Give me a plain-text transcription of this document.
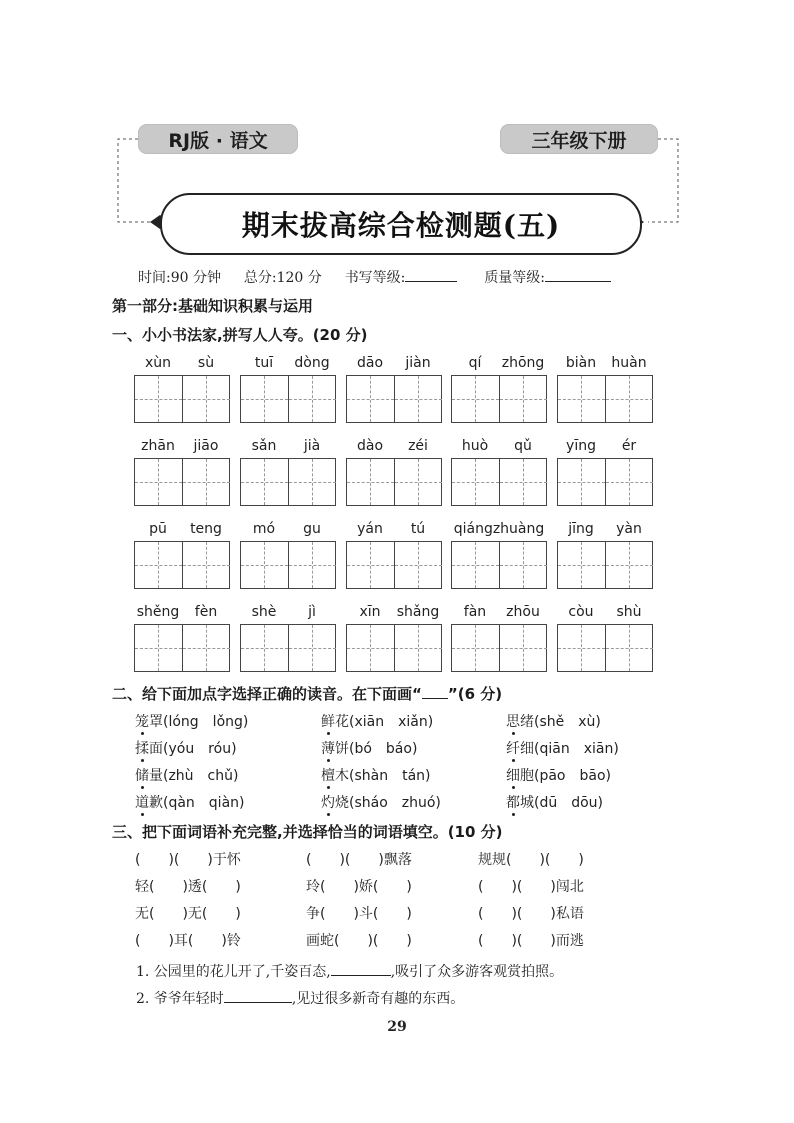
RJ版 · 语文	三年级下册
期末拔高综合检测题(五)
时间:90 分钟 总分:120 分 书写等级:	质量等级:
第一部分:基础知识积累与运用
一、小小书法家,拼写人人夸。(20 分)
xùn	sù	tuī	dòng	dāo	jiàn	qí	zhōng	biàn	huàn
zhān	jiāo	sǎn	jià	dào	zéi	huò	qǔ	yīng	ér
pū	teng	mó	gu	yán	tú	qiángzhuàng	jīng	yàn
shěng	fèn	shè	jì	xīn	shǎng	fàn	zhōu	còu	shù
二、给下面加点字选择正确的读音。在下面画“ ”(6 分)
笼罩(lóng　lǒng)	鲜花(xiān　xiǎn)	思绪(shě　xù)
揉面(yóu　róu)	薄饼(bó　báo)	纤细(qiān　xiān)
储量(zhù　chǔ)	檀木(shàn　tán)	细胞(pāo　bāo)
道歉(qàn　qiàn)	灼烧(sháo　zhuó)	都城(dū　dōu)
三、把下面词语补充完整,并选择恰当的词语填空。(10 分)
(　　)(　　)于怀	(　　)(　　)飘落	规规(　　)(　　)
轻(　　)透(　　)	玲(　　)娇(　　)	(　　)(　　)闯北
无(　　)无(　　)	争(　　)斗(　　)	(　　)(　　)私语
(　　)耳(　　)铃	画蛇(　　)(　　)	(　　)(　　)而逃
1. 公园里的花儿开了,千姿百态,	,吸引了众多游客观赏拍照。
2. 爷爷年轻时	,见过很多新奇有趣的东西。
29
